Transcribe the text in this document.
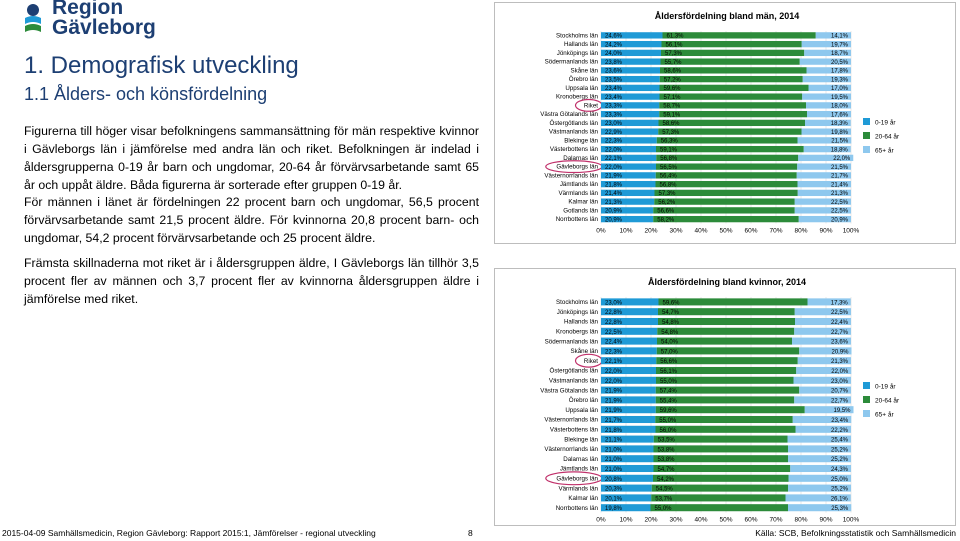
Region
Gävleborg
1. Demografisk utveckling
1.1 Ålders- och könsfördelning
Figurerna till höger visar befolkningens sammansättning för män respektive kvinnor i Gävleborgs län i jämförelse med andra län och riket. Befolkningen är indelad i åldersgrupperna 0-19 år barn och ungdomar, 20-64 år förvärvsarbetande samt 65 år och uppåt äldre. Båda figurerna är sorterade efter gruppen 0-19 år.
För männen i länet är fördelningen 22 procent barn och ungdomar, 56,5 procent förvärvsarbetande samt 21,5 procent äldre. För kvinnorna 20,8 procent barn- och ungdomar, 54,2 procent förvärvsarbetande och 25 procent äldre.
Främsta skillnaderna mot riket är i åldersgruppen äldre, I Gävleborgs län tillhör 3,5 procent fler av männen och 3,7 procent fler av kvinnorna åldersgruppen äldre i jämförelse med riket.
Åldersfördelning bland män, 2014
0% 10% 20% 30% 40% 50% 60% 70% 80% 90% 100%
Stockholms län 24,6%	61,3%	14,1%
Hallands län 24,2%	56,1%	19,7%
Jönköpings län 24,0%	57,3%	18,7%
Södermanlands län 23,8%	55,7%	20,5%
Skåne län 23,6%	58,6%	17,8%
Örebro län 23,5%	57,2%	19,3%
Uppsala län 23,4%	59,6%	17,0%
Kronobergs län 23,4%	57,1%	19,5%
Riket 23,3%	58,7%	18,0%
Västra Götalands län 23,3%	59,1%	17,6%
Östergötlands län 23,0%	58,6%	18,3%
Västmanlands län 22,9%	57,3%	19,8%
Blekinge län 22,3%	56,3%	21,5%
Västerbottens län 22,0%	59,1%	18,8%
Dalarnas län 22,1%	56,8%	22,0%
Gävleborgs län 22,0%	56,5%	21,5%
Västernorrlands län 21,9%	56,4%	21,7%
Jämtlands län 21,8%	56,8%	21,4%
Värmlands län 21,4%	57,3%	21,3%
Kalmar län 21,3%	56,2%	22,5%
Gotlands län 20,9%	56,6%	22,5%
Norrbottens län 20,9%	58,2%	20,9%
0-19 år
20-64 år
65+ år
Åldersfördelning bland kvinnor, 2014
0% 10% 20% 30% 40% 50% 60% 70% 80% 90% 100%
Stockholms län 23,0%	59,6%	17,3%
Jönköpings län 22,8%	54,7%	22,5%
Hallands län 22,8%	54,8%	22,4%
Kronobergs län 22,5%	54,8%	22,7%
Södermanlands län 22,4%	54,0%	23,6%
Skåne län 22,3%	57,0%	20,9%
Riket 22,1%	56,6%	21,3%
Östergötlands län 22,0%	56,1%	22,0%
Västmanlands län 22,0%	55,0%	23,0%
Västra Götalands län 21,9%	57,4%	20,7%
Örebro län 21,9%	55,4%	22,7%
Uppsala län 21,9%	59,6%	19,5%
Västernorrlands län 21,7%	55,0%	23,4%
Västerbottens län 21,8%	56,0%	22,2%
Blekinge län 21,1%	53,5%	25,4%
Västernorrlands län 21,0%	53,8%	25,2%
Dalarnas län 21,0%	53,8%	25,2%
Jämtlands län 21,0%	54,7%	24,3%
Gävleborgs län 20,8%	54,2%	25,0%
Värmlands län 20,3%	54,5%	25,2%
Kalmar län 20,1%	53,7%	26,1%
Norrbottens län 19,8%	55,0%	25,3%
0-19 år
20-64 år
65+ år
2015-04-09 Samhällsmedicin, Region Gävleborg: Rapport 2015:1, Jämförelser - regional utveckling	8	Källa: SCB, Befolkningsstatistik och Samhällsmedicin
